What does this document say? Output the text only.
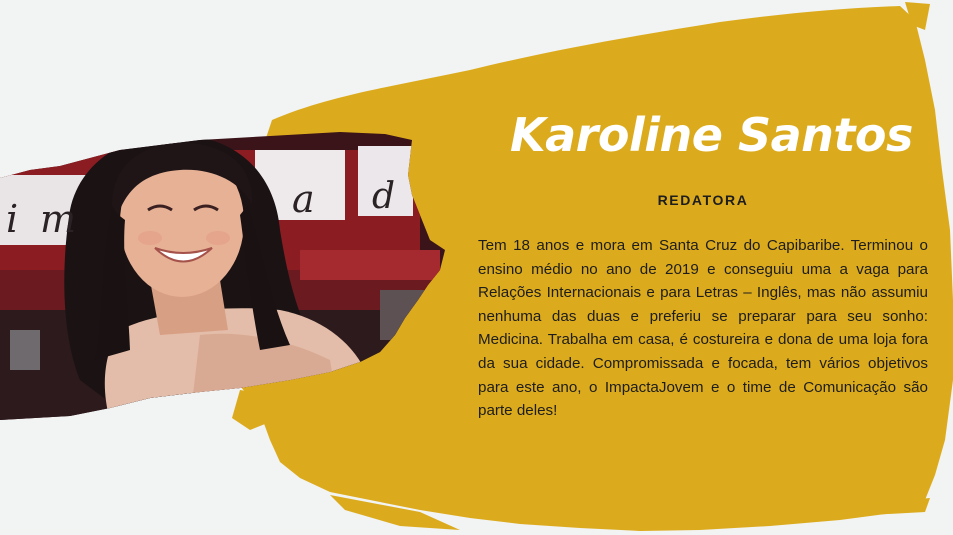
i m	a d
Karoline Santos
REDATORA

Tem 18 anos e mora em Santa Cruz do Capibaribe. Terminou o ensino médio no ano de 2019 e conseguiu uma a vaga para Relações Internacionais e para Letras – Inglês, mas não assumiu nenhuma das duas e preferiu se preparar para seu sonho: Medicina. Trabalha em casa, é costureira e dona de uma loja fora da sua cidade. Compromissada e focada, tem vários objetivos para este ano, o ImpactaJovem e o time de Comunicação são parte deles!
